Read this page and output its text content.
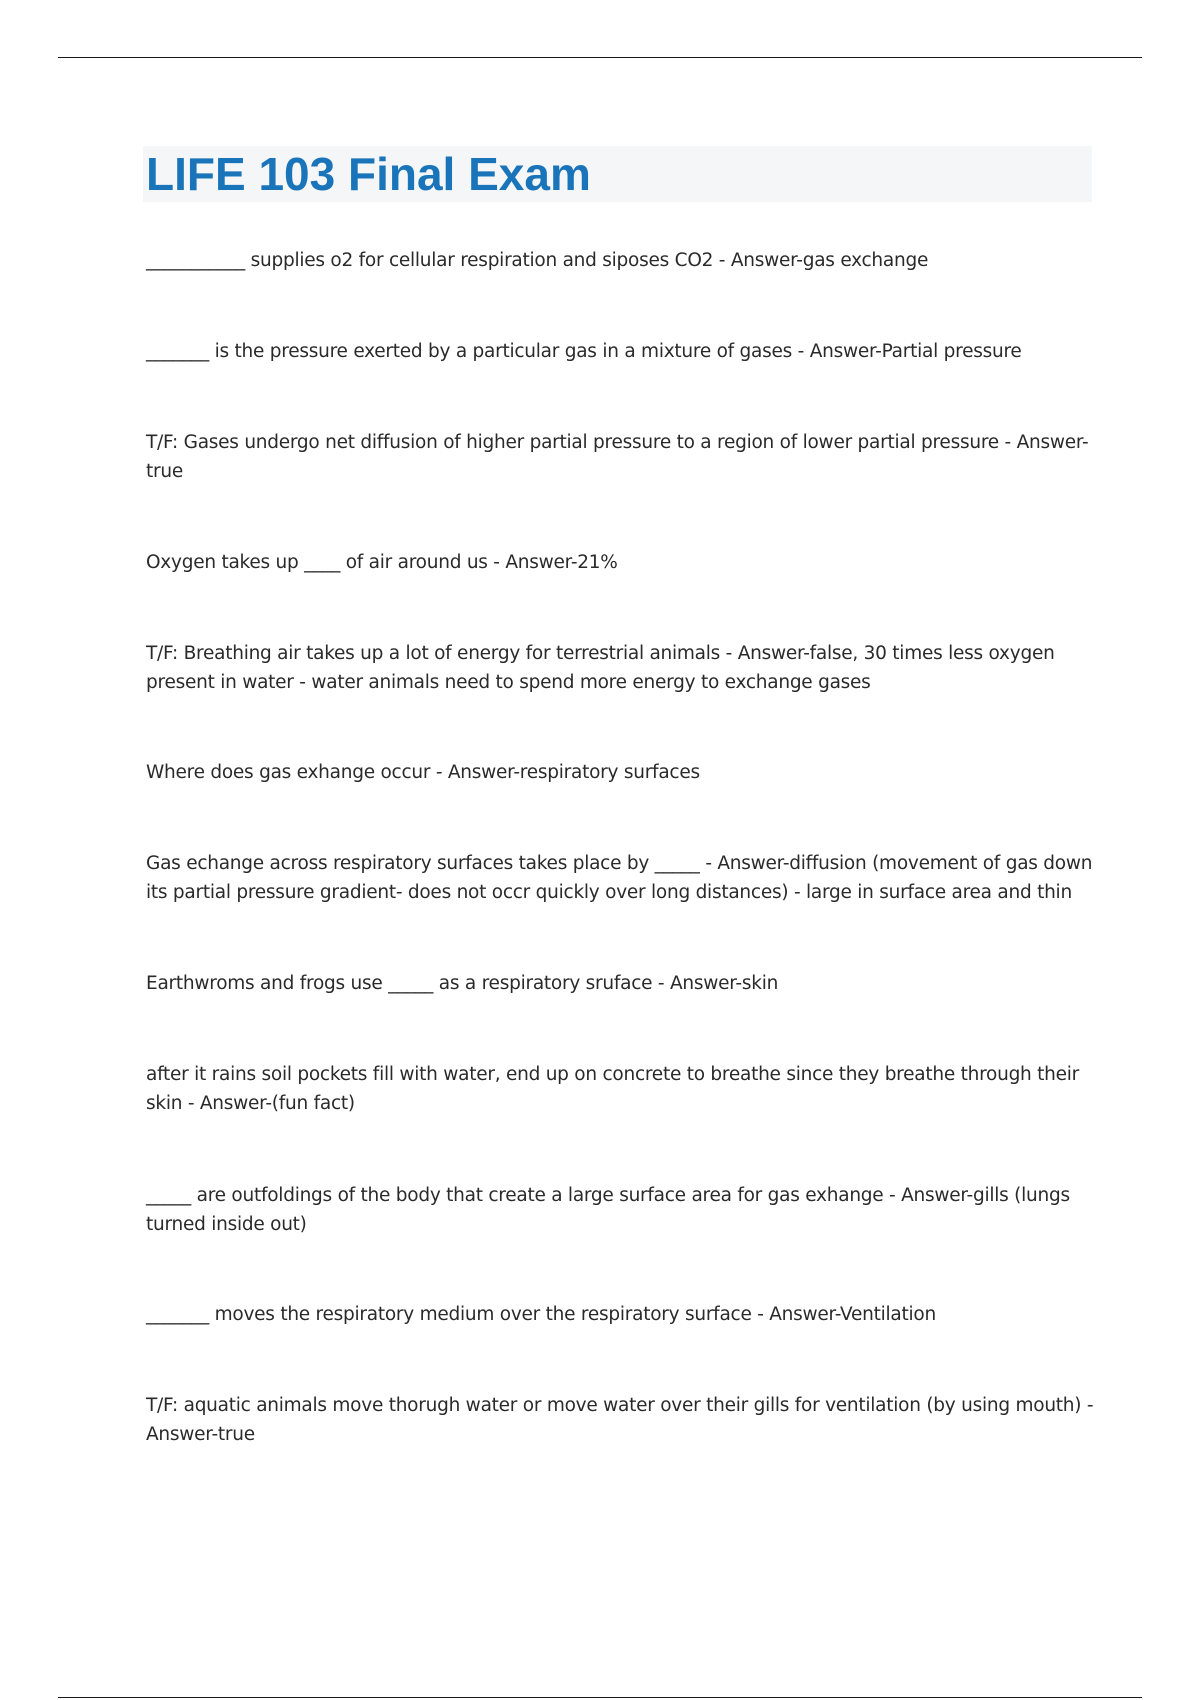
LIFE 103 Final Exam

___________ supplies o2 for cellular respiration and siposes CO2 - Answer-gas exchange

_______ is the pressure exerted by a particular gas in a mixture of gases - Answer-Partial pressure

T/F: Gases undergo net diffusion of higher partial pressure to a region of lower partial pressure - Answer-true

Oxygen takes up ____ of air around us - Answer-21%

T/F: Breathing air takes up a lot of energy for terrestrial animals - Answer-false, 30 times less oxygen present in water - water animals need to spend more energy to exchange gases

Where does gas exhange occur - Answer-respiratory surfaces

Gas echange across respiratory surfaces takes place by _____ - Answer-diffusion (movement of gas down its partial pressure gradient- does not occr quickly over long distances) - large in surface area and thin

Earthwroms and frogs use _____ as a respiratory sruface - Answer-skin

after it rains soil pockets fill with water, end up on concrete to breathe since they breathe through their skin - Answer-(fun fact)

_____ are outfoldings of the body that create a large surface area for gas exhange - Answer-gills (lungs turned inside out)

_______ moves the respiratory medium over the respiratory surface - Answer-Ventilation

T/F: aquatic animals move thorugh water or move water over their gills for ventilation (by using mouth) - Answer-true
